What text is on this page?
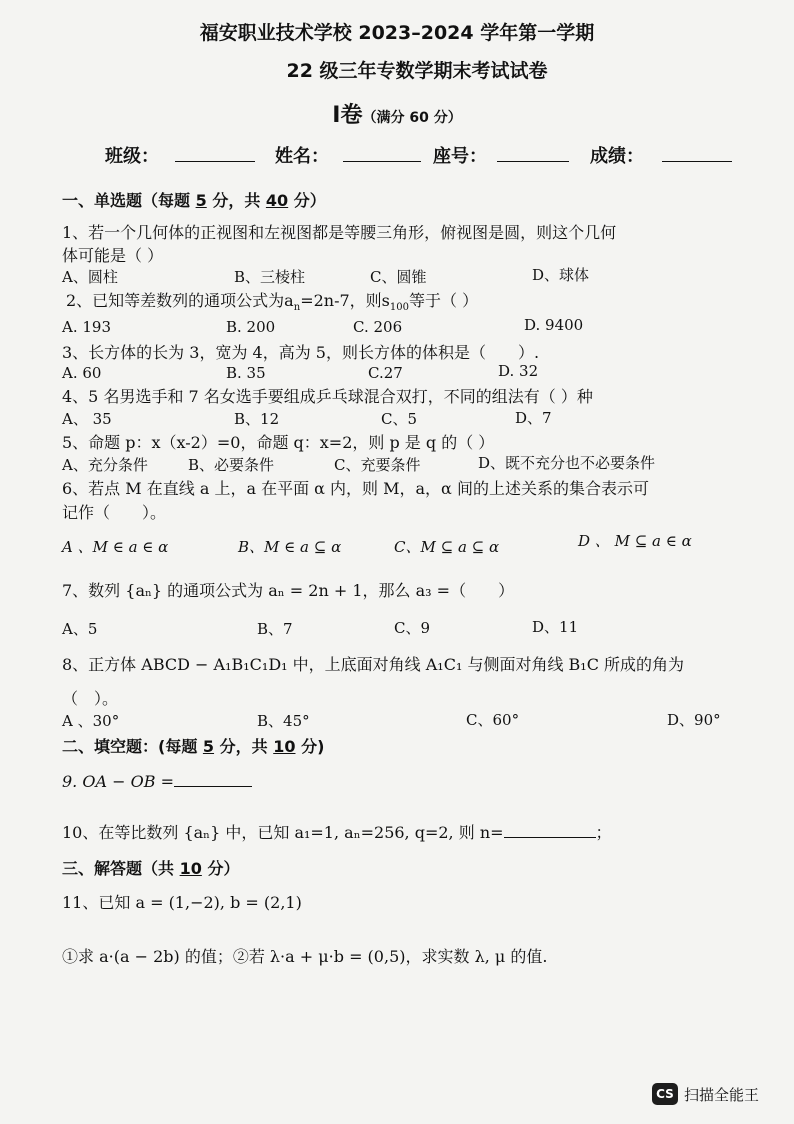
福安职业技术学校 2023–2024 学年第一学期
22 级三年专数学期末考试试卷
Ⅰ卷（满分 60 分）
班级：	姓名：	座号：	成绩：
一、单选题（每题 5 分，共 40 分）
1、若一个几何体的正视图和左视图都是等腰三角形，俯视图是圆，则这个几何
体可能是（ ）
A、圆柱	B、三棱柱	C、圆锥	D、球体
2、已知等差数列的通项公式为$a_n=2n-7$，则$s_{100}$等于（ ）
A. 193	B. 200	C. 206	D. 9400
3、长方体的长为 3，宽为 4，高为 5，则长方体的体积是（　　）.
A. 60	B. 35	C.27	D. 32
4、5 名男选手和 7 名女选手要组成乒乓球混合双打，不同的组法有（ ）种
A、 35	B、12	C、5	D、7
5、命题 p：x（x-2）=0，命题 q：x=2，则 p 是 q 的（ ）
A、充分条件	B、必要条件	C、充要条件	D、既不充分也不必要条件
6、若点 M 在直线 a 上，a 在平面 α 内，则 M，a，α 间的上述关系的集合表示可
记作（　　）。
A 、M ∈ a ∈ α	B、M ∈ a ⊆ α	C、M ⊆ a ⊆ α	D 、 M ⊆ a ∈ α
7、数列 {aₙ} 的通项公式为 aₙ = 2n + 1，那么 a₃ =（　　）
A、5	B、7	C、9	D、11
8、正方体 ABCD − A₁B₁C₁D₁ 中，上底面对角线 A₁C₁ 与侧面对角线 B₁C 所成的角为
（　）。
A 、30°	B、45°	C、60°	D、90°
二、填空题：(每题 5 分，共 10 分)
9. OA − OB =
10、在等比数列 {aₙ} 中，已知 a₁=1, aₙ=256, q=2, 则 n=	；
三、解答题（共 10 分）
11、已知 a = (1,−2), b = (2,1)
①求 a·(a − 2b) 的值；②若 λ·a + μ·b = (0,5)，求实数 λ, μ 的值.
CS 扫描全能王
